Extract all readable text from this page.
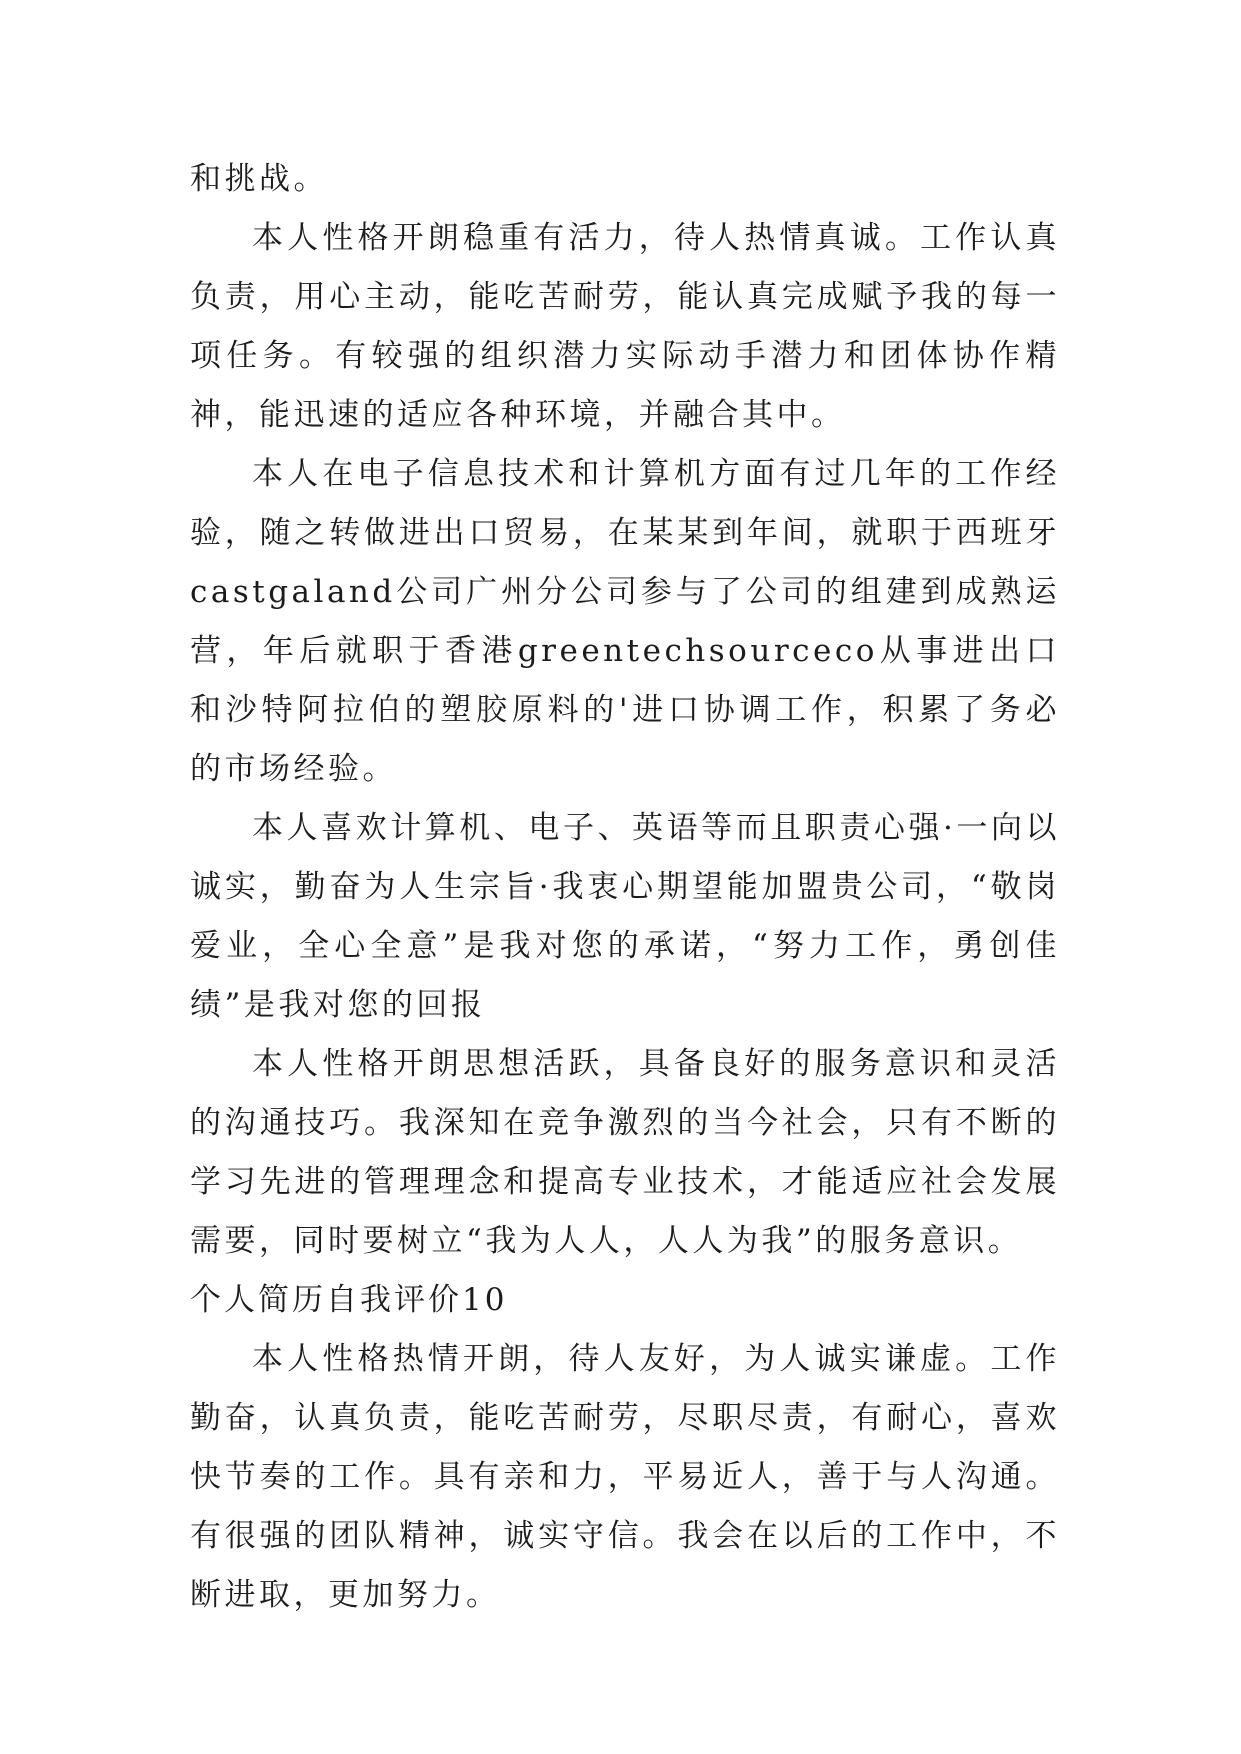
和挑战。

本人性格开朗稳重有活力，待人热情真诚。工作认真负责，用心主动，能吃苦耐劳，能认真完成赋予我的每一项任务。有较强的组织潜力实际动手潜力和团体协作精神，能迅速的适应各种环境，并融合其中。

本人在电子信息技术和计算机方面有过几年的工作经验，随之转做进出口贸易，在某某到年间，就职于西班牙castgaland公司广州分公司参与了公司的组建到成熟运营，年后就职于香港greentechsourceco从事进出口和沙特阿拉伯的塑胶原料的'进口协调工作，积累了务必的市场经验。

本人喜欢计算机、电子、英语等而且职责心强·一向以诚实，勤奋为人生宗旨·我衷心期望能加盟贵公司，“敬岗爱业，全心全意”是我对您的承诺，“努力工作，勇创佳绩”是我对您的回报

本人性格开朗思想活跃，具备良好的服务意识和灵活的沟通技巧。我深知在竞争激烈的当今社会，只有不断的学习先进的管理理念和提高专业技术，才能适应社会发展需要，同时要树立“我为人人，人人为我”的服务意识。

个人简历自我评价10

本人性格热情开朗，待人友好，为人诚实谦虚。工作勤奋，认真负责，能吃苦耐劳，尽职尽责，有耐心，喜欢快节奏的工作。具有亲和力，平易近人，善于与人沟通。有很强的团队精神，诚实守信。我会在以后的工作中，不断进取，更加努力。
